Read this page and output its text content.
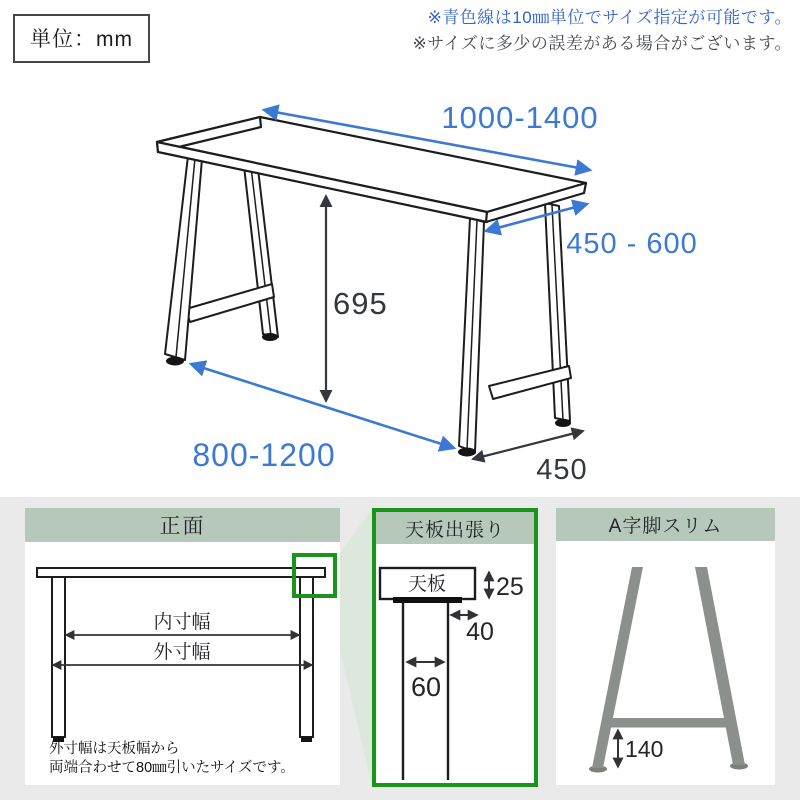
単位：mm
※青色線は10㎜単位でサイズ指定が可能です。
※サイズに多少の誤差がある場合がございます。
1000-1400
450 - 600
695
800-1200	450
正面
内寸幅
外寸幅
外寸幅は天板幅から
両端合わせて80㎜引いたサイズです。
天板出張り
天板 25
40
60
A字脚スリム
140
